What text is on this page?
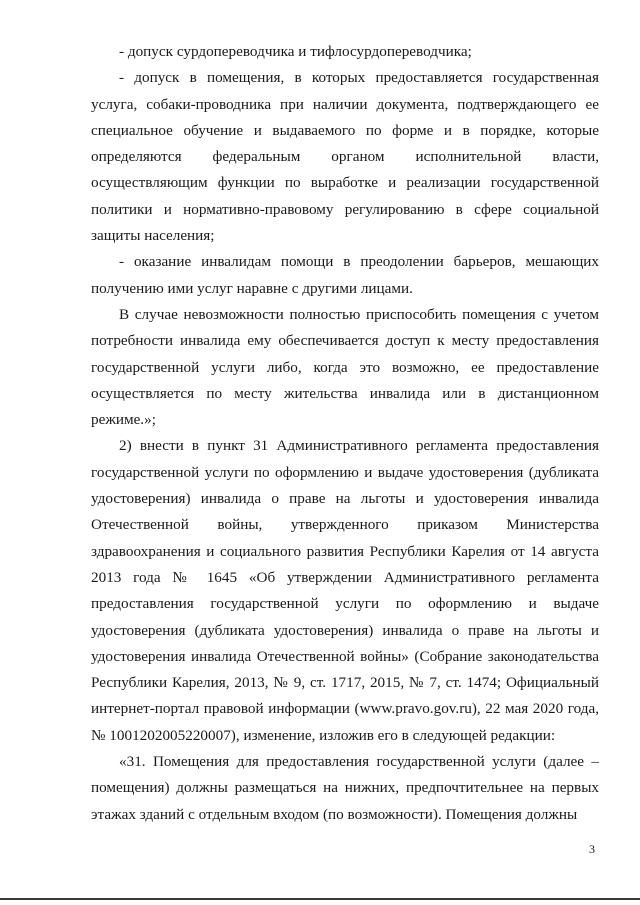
- допуск сурдопереводчика и тифлосурдопереводчика;

- допуск в помещения, в которых предоставляется государственная услуга, собаки-проводника при наличии документа, подтверждающего ее специальное обучение и выдаваемого по форме и в порядке, которые определяются федеральным органом исполнительной власти, осуществляющим функции по выработке и реализации государственной политики и нормативно-правовому регулированию в сфере социальной защиты населения;

- оказание инвалидам помощи в преодолении барьеров, мешающих получению ими услуг наравне с другими лицами.

В случае невозможности полностью приспособить помещения с учетом потребности инвалида ему обеспечивается доступ к месту предоставления государственной услуги либо, когда это возможно, ее предоставление осуществляется по месту жительства инвалида или в дистанционном режиме.»;

2) внести в пункт 31 Административного регламента предоставления государственной услуги по оформлению и выдаче удостоверения (дубликата удостоверения) инвалида о праве на льготы и удостоверения инвалида Отечественной войны, утвержденного приказом Министерства здравоохранения и социального развития Республики Карелия от 14 августа 2013 года № 1645 «Об утверждении Административного регламента предоставления государственной услуги по оформлению и выдаче удостоверения (дубликата удостоверения) инвалида о праве на льготы и удостоверения инвалида Отечественной войны» (Собрание законодательства Республики Карелия, 2013, № 9, ст. 1717, 2015, № 7, ст. 1474; Официальный интернет-портал правовой информации (www.pravo.gov.ru), 22 мая 2020 года, № 1001202005220007), изменение, изложив его в следующей редакции:

«31. Помещения для предоставления государственной услуги (далее – помещения) должны размещаться на нижних, предпочтительнее на первых этажах зданий с отдельным входом (по возможности). Помещения должны

3
